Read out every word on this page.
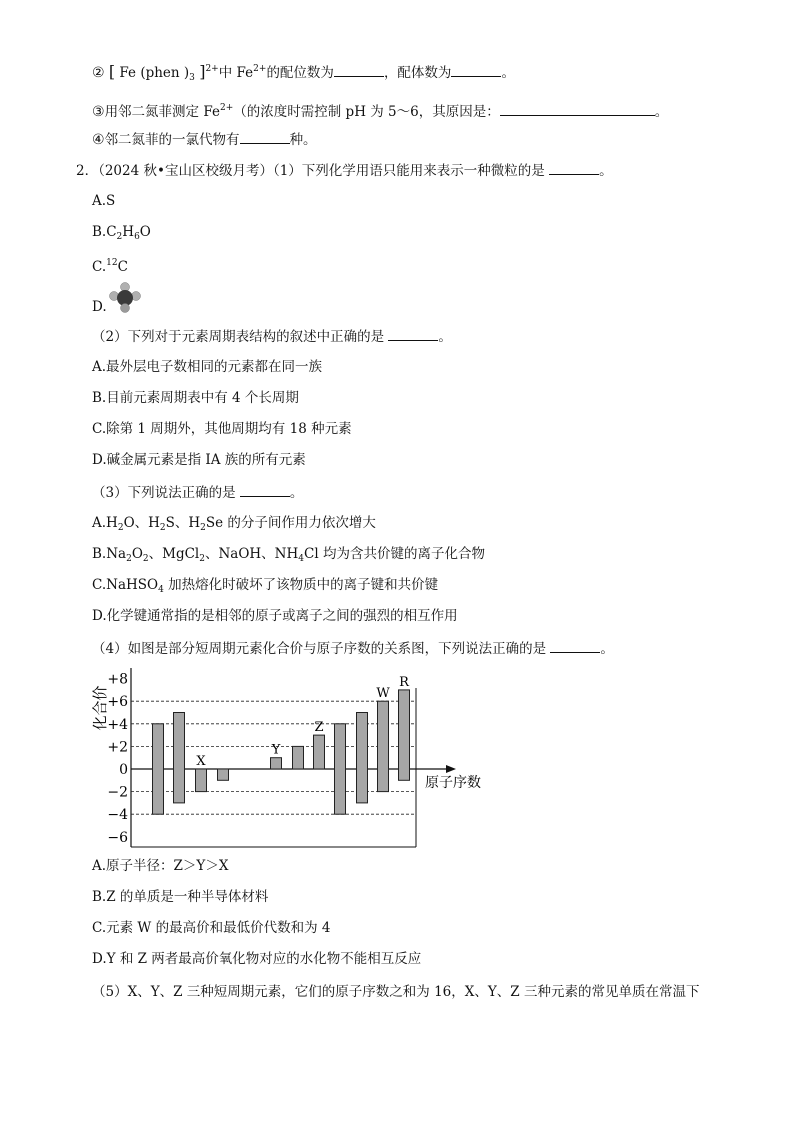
② [ Fe (phen )$_3$ ]$^{2+}$中 $Fe^{2+}$的配位数为	，配体数为	。
③用邻二氮菲测定 $Fe^{2+}$（的浓度时需控制 pH 为 5～6，其原因是：	。
④邻二氮菲的一氯代物有	种。
2．（2024 秋•宝山区校级月考）（1）下列化学用语只能用来表示一种微粒的是	。
A.S
$B.C_2H_6O$
C.$^{12}$C
D.
（2）下列对于元素周期表结构的叙述中正确的是	。
A.最外层电子数相同的元素都在同一族
B.目前元素周期表中有 4 个长周期
C.除第 1 周期外，其他周期均有 18 种元素
D.碱金属元素是指 IA 族的所有元素
（3）下列说法正确的是	。
$A.H_2O$、$H_2S$、$H_2Se$ 的分子间作用力依次增大
$B.Na_2O_2$、MgCl$_2$、NaOH、$NH_4Cl$ 均为含共价键的离子化合物
C.NaHSO$_4$ 加热熔化时破坏了该物质中的离子键和共价键
D.化学键通常指的是相邻的原子或离子之间的强烈的相互作用
（4）如图是部分短周期元素化合价与原子序数的关系图，下列说法正确的是	。
+8
+6
+4
+2
0
−2
−4
−6
化合价
原子序数
X
Y
Z
W
R
A.原子半径：Z＞Y＞X
B.Z 的单质是一种半导体材料
C.元素 W 的最高价和最低价代数和为 4
D.Y 和 Z 两者最高价氧化物对应的水化物不能相互反应
（5）X、Y、Z 三种短周期元素，它们的原子序数之和为 16，X、Y、Z 三种元素的常见单质在常温下
